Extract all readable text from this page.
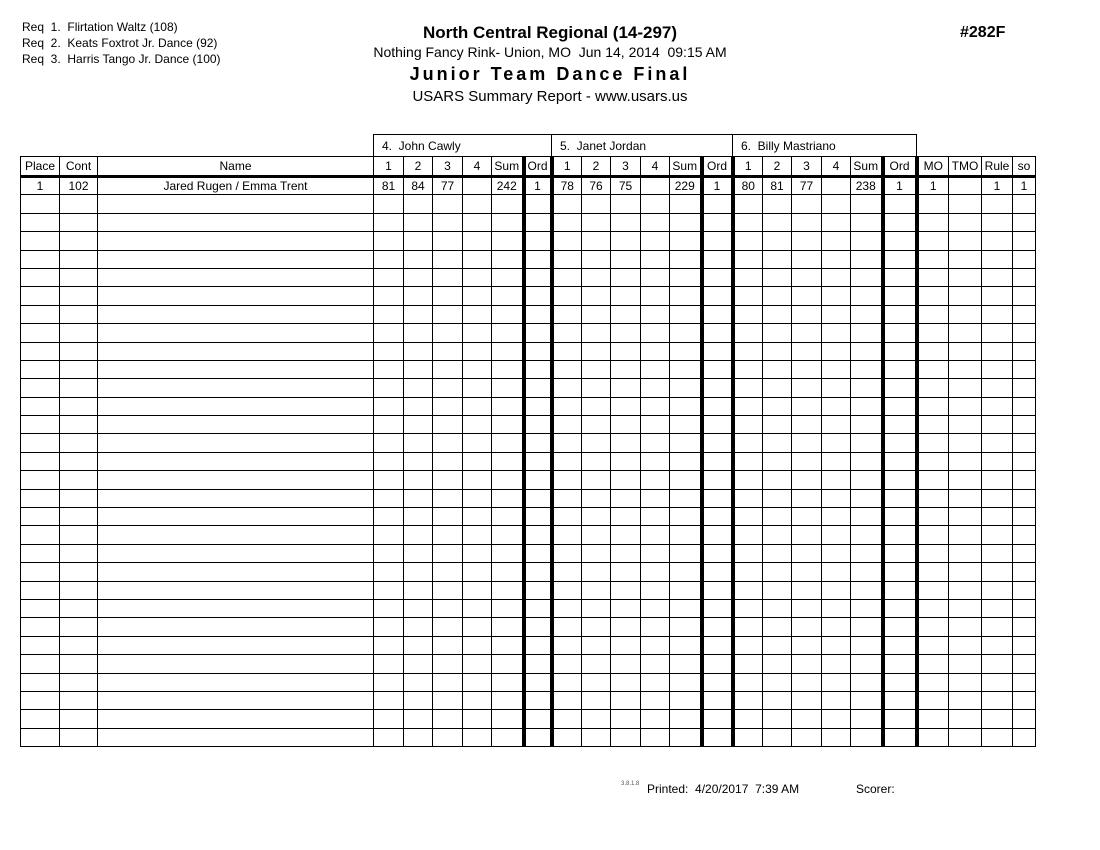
Req  1.  Flirtation Waltz (108)
Req  2.  Keats Foxtrot Jr. Dance (92)
Req  3.  Harris Tango Jr. Dance (100)
North Central Regional (14-297)
Nothing Fancy Rink- Union, MO  Jun 14, 2014  09:15 AM
Junior Team Dance Final
USARS Summary Report - www.usars.us
#282F
			4.  John Cawly						5.  Janet Jordan						6.  Billy Mastriano									
Place	Cont	Name	1	2	3	4	Sum	Ord	1	2	3	4	Sum	Ord	1	2	3	4	Sum	Ord	MO	TMO	Rule	so
1	102	Jared Rugen / Emma Trent	81	84	77		242	1	78	76	75		229	1	80	81	77		238	1	1		1	1

3.8.1.8 Printed:  4/20/2017  7:39 AM	Scorer:
